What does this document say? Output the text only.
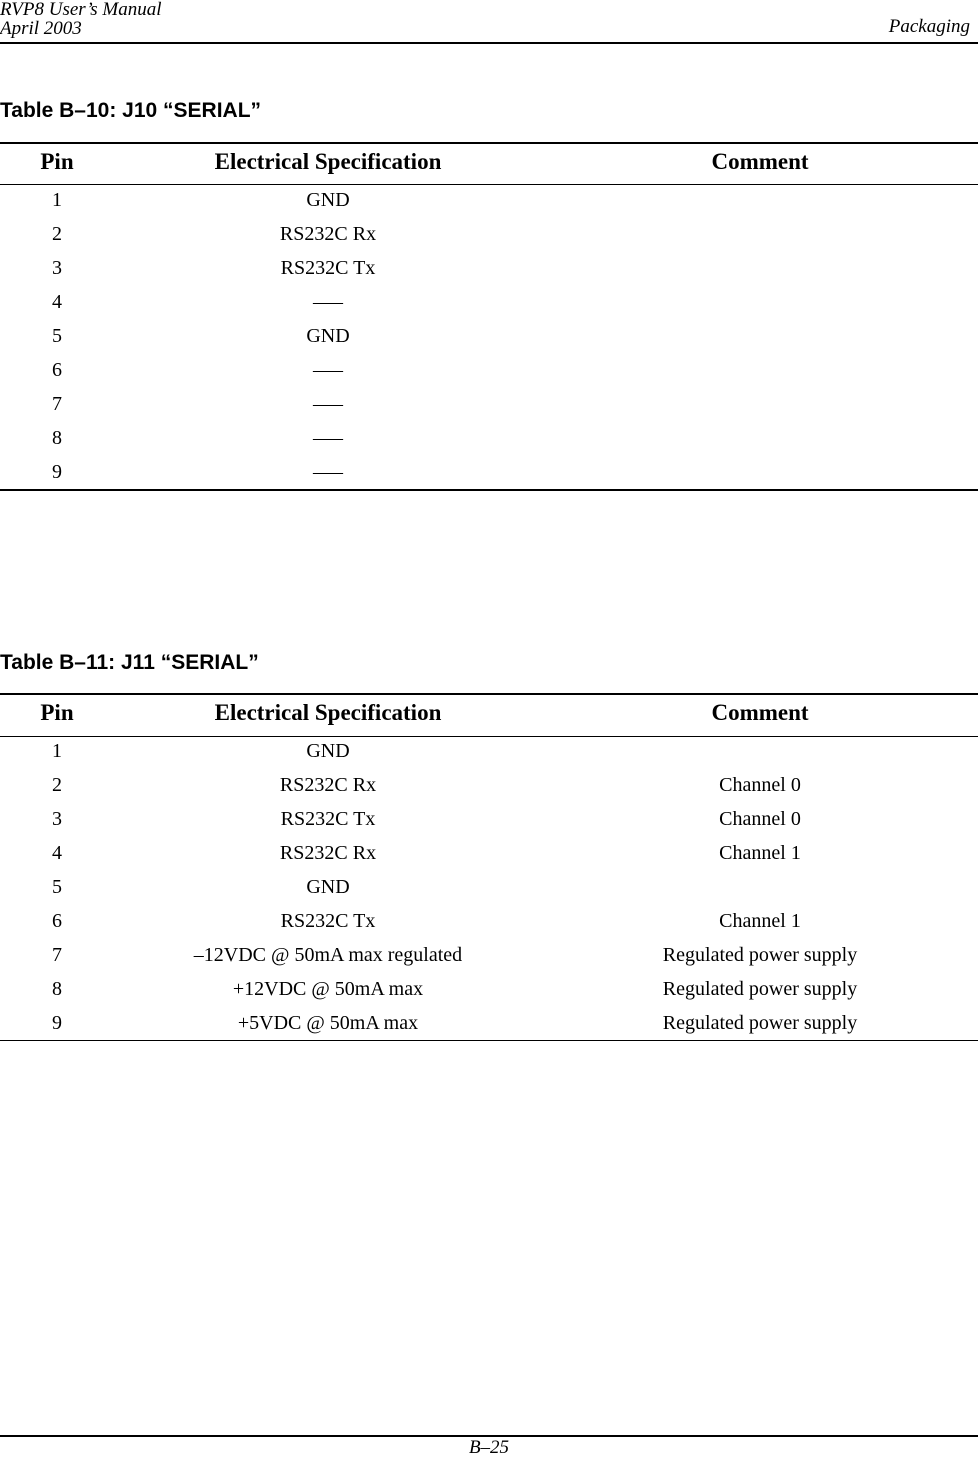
RVP8 User’s Manual
April 2003	Packaging
Table B–10: J10 “SERIAL”
Pin	Electrical Specification	Comment
1	GND
2	RS232C Rx
3	RS232C Tx
4	–––
5	GND
6	–––
7	–––
8	–––
9	–––
Table B–11: J11 “SERIAL”
Pin	Electrical Specification	Comment
1	GND
2	RS232C Rx	Channel 0
3	RS232C Tx	Channel 0
4	RS232C Rx	Channel 1
5	GND
6	RS232C Tx	Channel 1
7	–12VDC @ 50mA max regulated	Regulated power supply
8	+12VDC @ 50mA max	Regulated power supply
9	+5VDC @ 50mA max	Regulated power supply
B–25
